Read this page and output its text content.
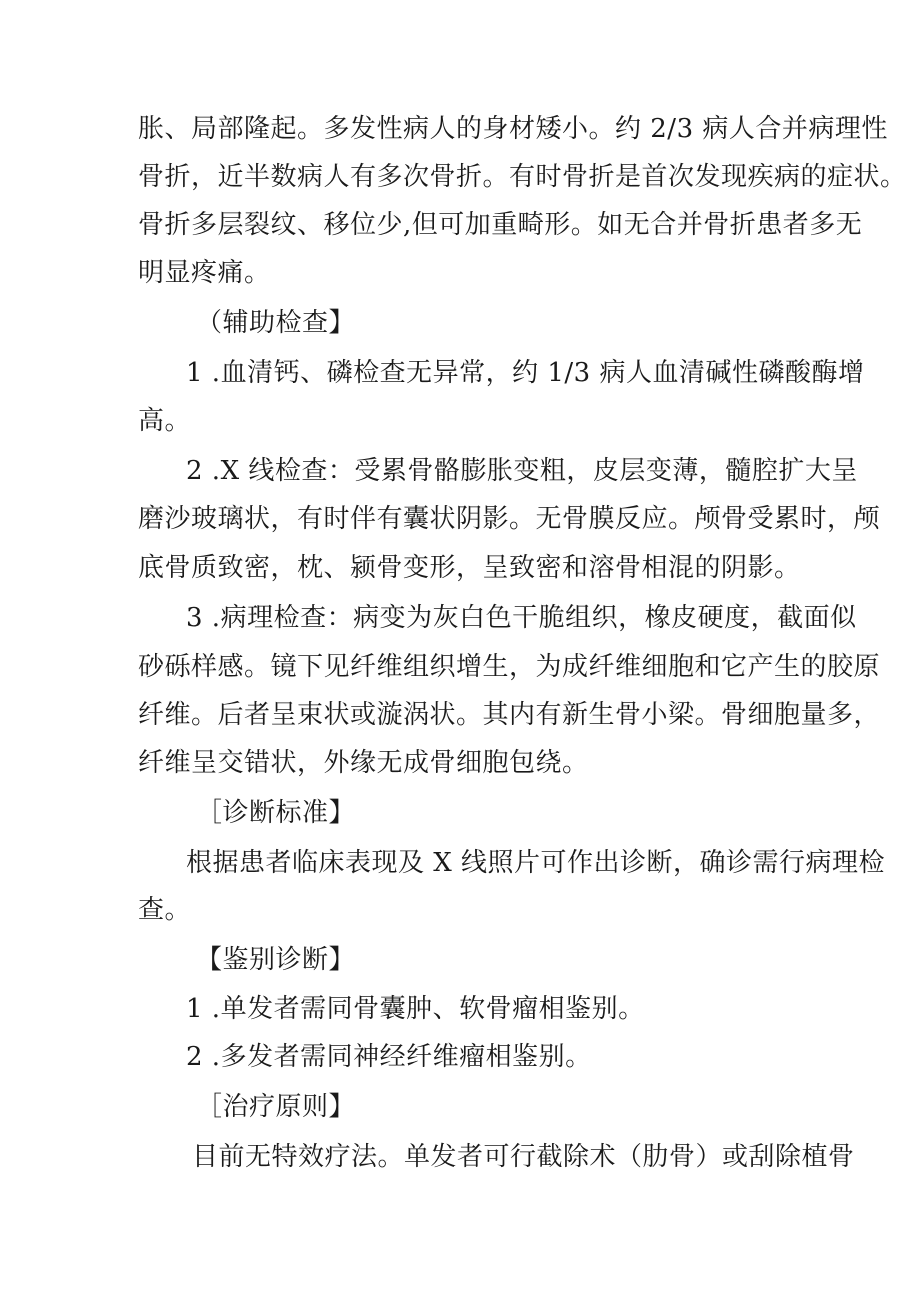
胀、局部隆起。多发性病人的身材矮小。约 2/3 病人合并病理性
骨折，近半数病人有多次骨折。有时骨折是首次发现疾病的症状。
骨折多层裂纹、移位少,但可加重畸形。如无合并骨折患者多无
明显疼痛。
（辅助检查】
1 .血清钙、磷检查无异常，约 1/3 病人血清碱性磷酸酶增
高。
2 .X 线检查：受累骨骼膨胀变粗，皮层变薄，髓腔扩大呈
磨沙玻璃状，有时伴有囊状阴影。无骨膜反应。颅骨受累时，颅
底骨质致密，枕、颍骨变形，呈致密和溶骨相混的阴影。
3 .病理检查：病变为灰白色干脆组织，橡皮硬度，截面似
砂砾样感。镜下见纤维组织增生，为成纤维细胞和它产生的胶原
纤维。后者呈束状或漩涡状。其内有新生骨小梁。骨细胞量多，
纤维呈交错状，外缘无成骨细胞包绕。
［诊断标准】
根据患者临床表现及 X 线照片可作出诊断，确诊需行病理检
查。
【鉴别诊断】
1 .单发者需同骨囊肿、软骨瘤相鉴别。
2 .多发者需同神经纤维瘤相鉴别。
［治疗原则】
目前无特效疗法。单发者可行截除术（肋骨）或刮除植骨
